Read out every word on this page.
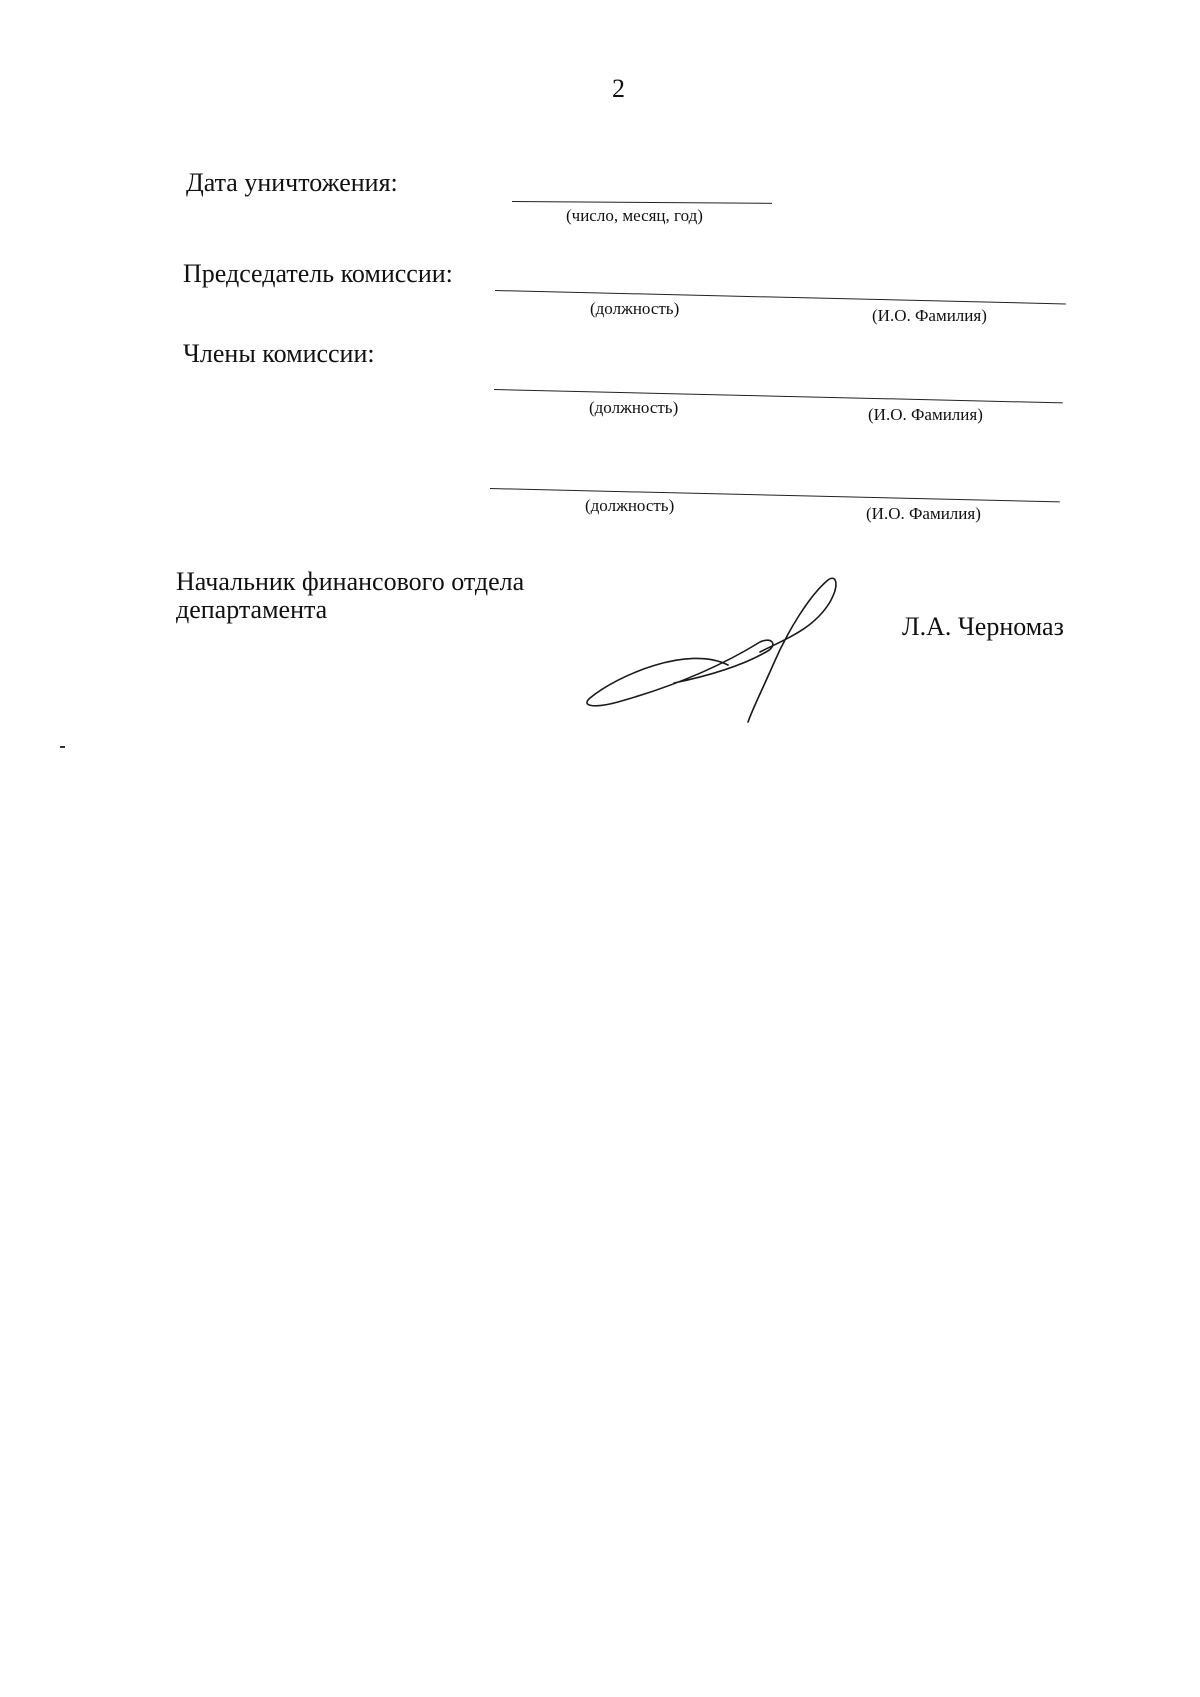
2
Дата уничтожения:
(число, месяц, год)
Председатель комиссии:
(должность)	(И.О. Фамилия)
Члены комиссии:
(должность)	(И.О. Фамилия)
(должность)	(И.О. Фамилия)
Начальник финансового отдела
департамента
Л.А. Черномаз
